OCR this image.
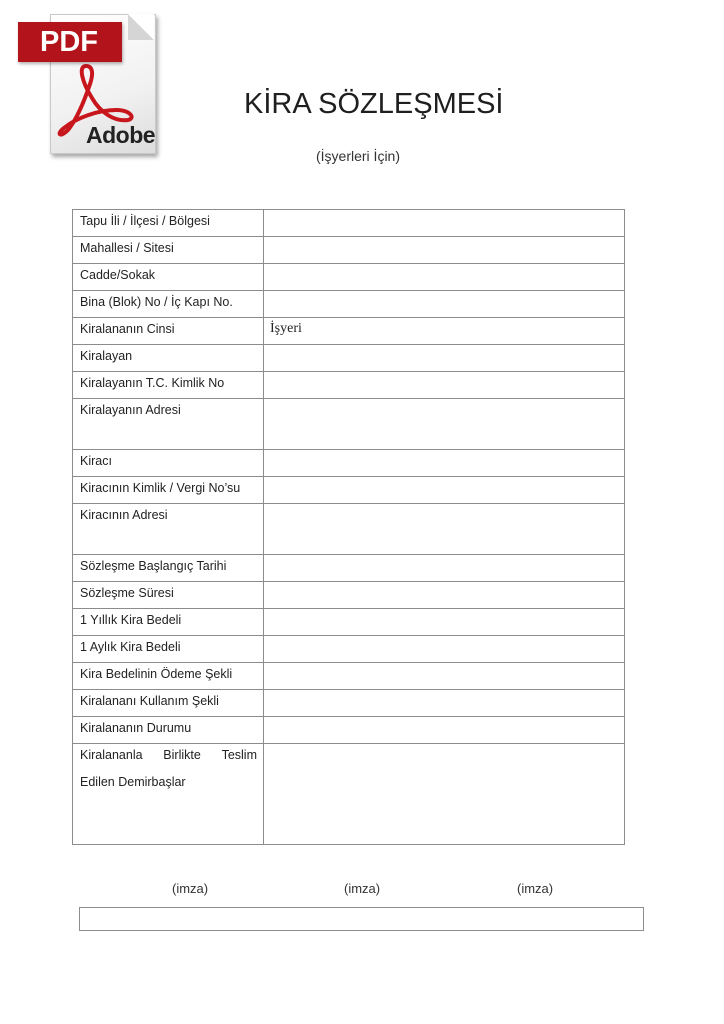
PDF
Adobe
KİRA SÖZLEŞMESİ
(İşyerleri İçin)
Tapu İli / İlçesi / Bölgesi	
Mahallesi / Sitesi	
Cadde/Sokak	
Bina (Blok) No / İç Kapı No.	
Kiralananın Cinsi	İşyeri
Kiralayan	
Kiralayanın T.C. Kimlik No	
Kiralayanın Adresi	
Kiracı	
Kiracının Kimlik / Vergi No’su	
Kiracının Adresi	
Sözleşme Başlangıç Tarihi	
Sözleşme Süresi	
1 Yıllık Kira Bedeli	
1 Aylık Kira Bedeli	
Kira Bedelinin Ödeme Şekli	
Kiralananı Kullanım Şekli	
Kiralananın Durumu	

Kiralananla Birlikte Teslim
Edilen Demirbaşlar	

(imza)	(imza)	(imza)
